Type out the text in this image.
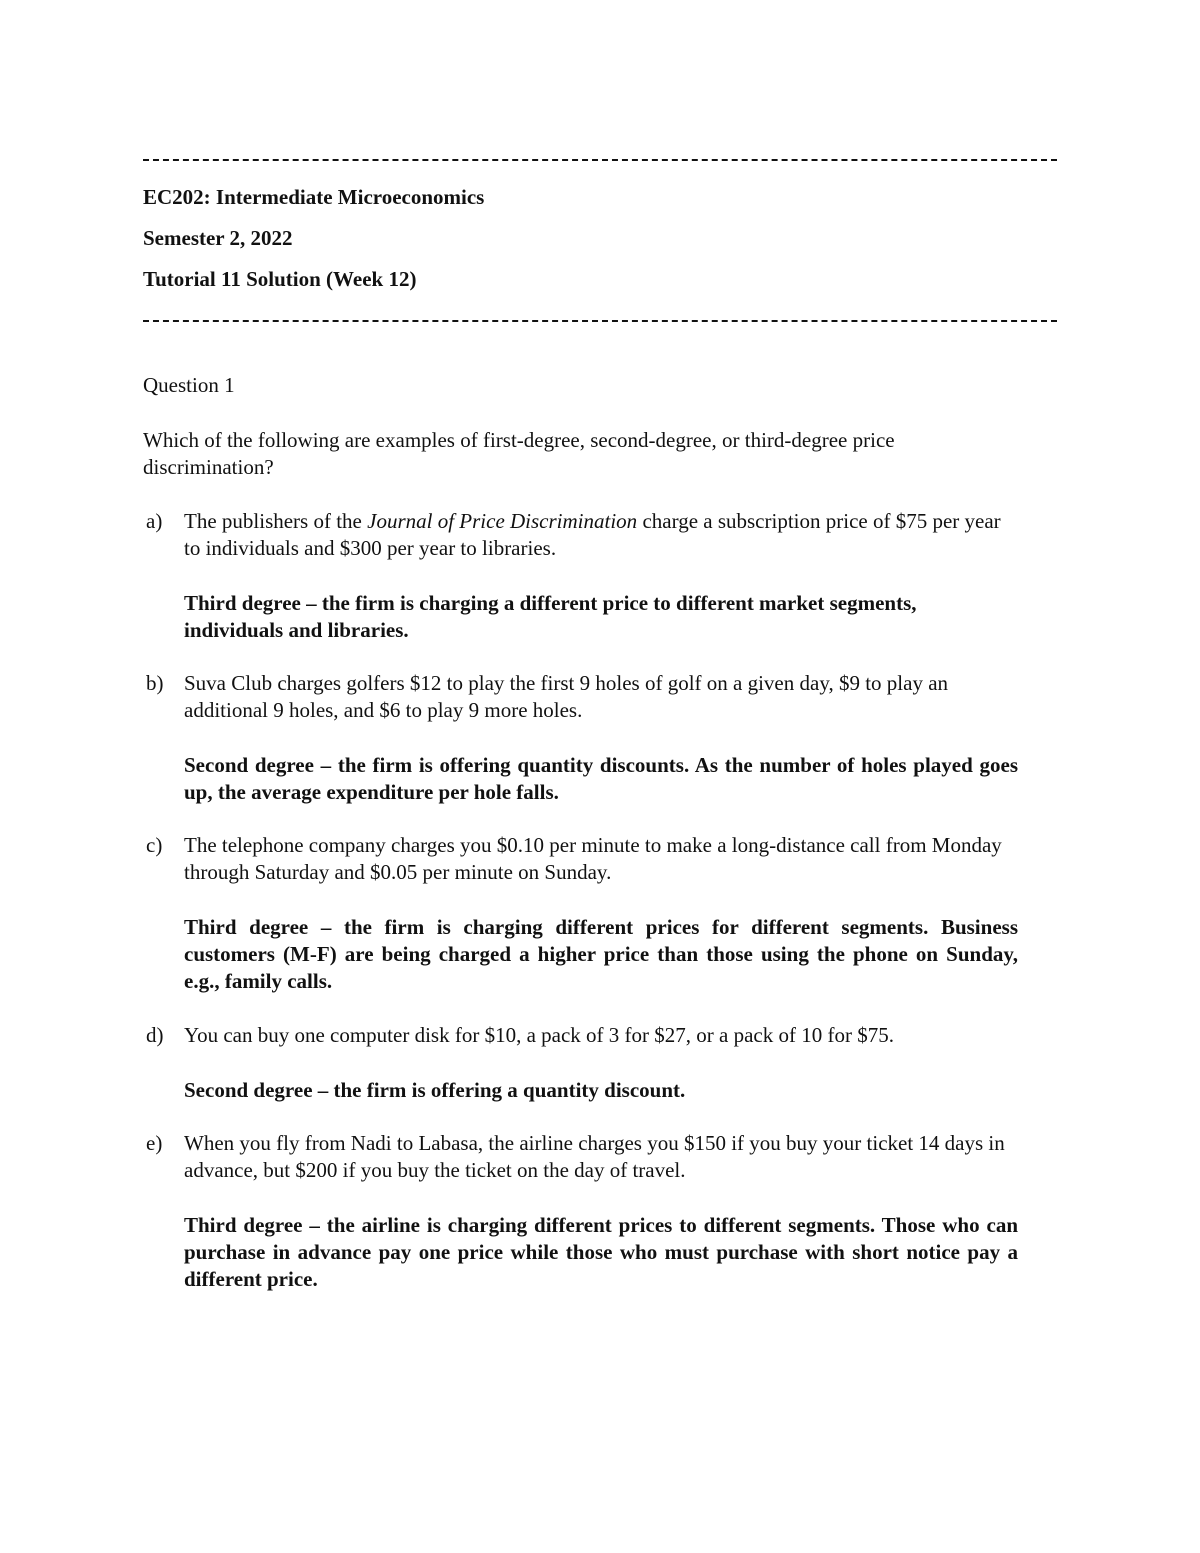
EC202: Intermediate Microeconomics
Semester 2, 2022
Tutorial 11 Solution (Week 12)
Question 1
Which of the following are examples of first-degree, second-degree, or third-degree price discrimination?
a) The publishers of the Journal of Price Discrimination charge a subscription price of $75 per year to individuals and $300 per year to libraries.
Third degree – the firm is charging a different price to different market segments, individuals and libraries.
b) Suva Club charges golfers $12 to play the first 9 holes of golf on a given day, $9 to play an additional 9 holes, and $6 to play 9 more holes.
Second degree – the firm is offering quantity discounts. As the number of holes played goes up, the average expenditure per hole falls.
c) The telephone company charges you $0.10 per minute to make a long-distance call from Monday through Saturday and $0.05 per minute on Sunday.
Third degree – the firm is charging different prices for different segments. Business customers (M-F) are being charged a higher price than those using the phone on Sunday, e.g., family calls.
d) You can buy one computer disk for $10, a pack of 3 for $27, or a pack of 10 for $75.
Second degree – the firm is offering a quantity discount.
e) When you fly from Nadi to Labasa, the airline charges you $150 if you buy your ticket 14 days in advance, but $200 if you buy the ticket on the day of travel.
Third degree – the airline is charging different prices to different segments. Those who can purchase in advance pay one price while those who must purchase with short notice pay a different price.
